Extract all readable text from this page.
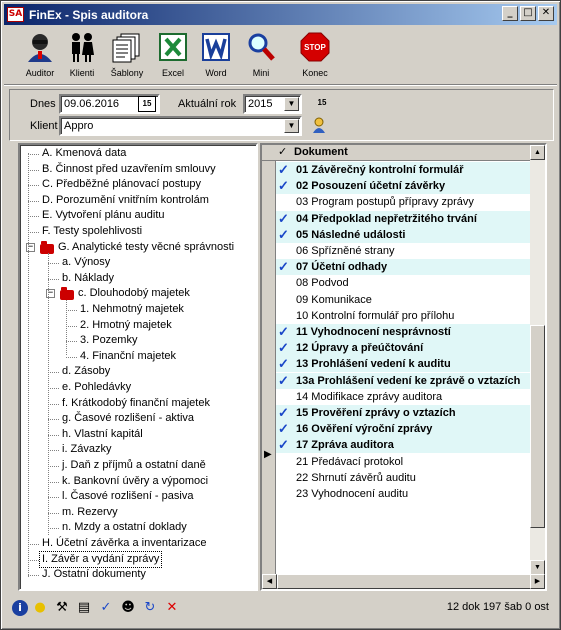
SA FinEx - Spis auditora	_	□ ✕
Auditor	Klienti	Šablony	Excel	Word	Mini
STOP
Konec
Dnes 09.06.2016	15	Aktuální rok	2015	▼	15
Klient Appro	▼
A. Kmenová data
B. Činnost před uzavřením smlouvy
C. Předběžné plánovací postupy
D. Porozumění vnitřním kontrolám
E. Vytvoření plánu auditu
F. Testy spolehlivosti
− G. Analytické testy věcné správnosti
a. Výnosy
b. Náklady
− c. Dlouhodobý majetek
1. Nehmotný majetek
2. Hmotný majetek
3. Pozemky
4. Finanční majetek
d. Zásoby
e. Pohledávky
f. Krátkodobý finanční majetek
g. Časové rozlišení - aktiva
h. Vlastní kapitál
i. Závazky
j. Daň z příjmů a ostatní daně
k. Bankovní úvěry a výpomoci
l. Časové rozlišení - pasiva
m. Rezervy
n. Mzdy a ostatní doklady
H. Účetní závěrka a inventarizace
I. Závěr a vydání zprávy
J. Ostatní dokumenty
✓ Dokument
▶
✓ 01 Závěrečný kontrolní formulář
✓ 02 Posouzení účetní závěrky
03 Program postupů přípravy zprávy
✓ 04 Předpoklad nepřetržitého trvání
✓ 05 Následné události
06 Spřízněné strany
✓ 07 Účetní odhady
08 Podvod
09 Komunikace
10 Kontrolní formulář pro přílohu
✓ 11 Vyhodnocení nesprávností
✓ 12 Úpravy a přeúčtování
✓ 13 Prohlášení vedení k auditu
✓ 13a Prohlášení vedení ke zprávě o vztazích
14 Modifikace zprávy auditora
✓ 15 Prověření zprávy o vztazích
✓ 16 Ověření výroční zprávy
✓ 17 Zpráva auditora
21 Předávací protokol
22 Shrnutí závěrů auditu
23 Vyhodnocení auditu
▲
▼
◀	▶
i ● ⚒ ▤ ✓ ☻ ↻ ✕	12 dok 197 šab 0 ost
